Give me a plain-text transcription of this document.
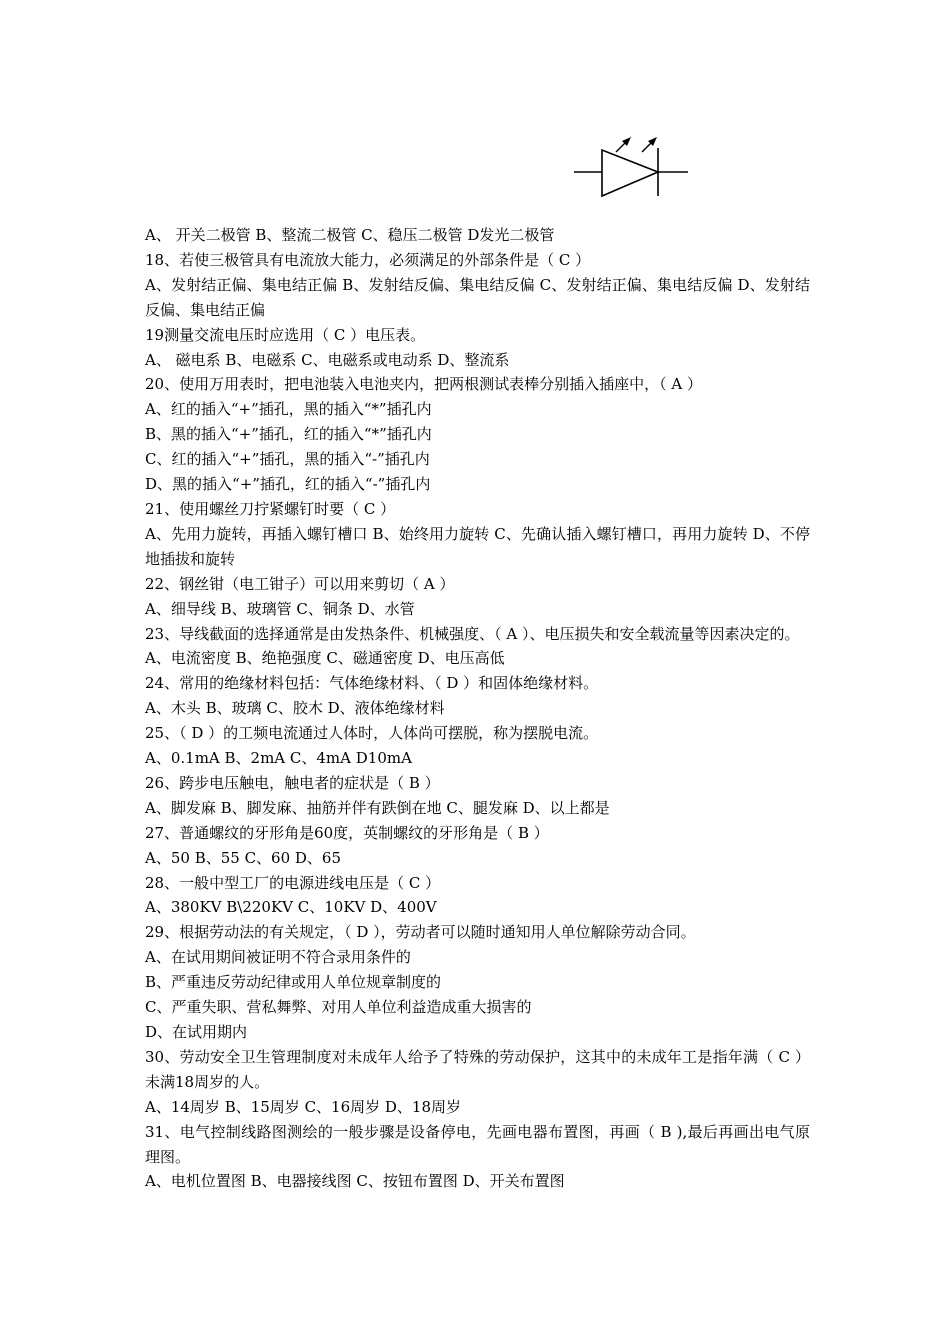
A、 开关二极管 B、整流二极管 C、稳压二极管 D发光二极管
18、若使三极管具有电流放大能力，必须满足的外部条件是（ C ）
A、发射结正偏、集电结正偏 B、发射结反偏、集电结反偏 C、发射结正偏、集电结反偏 D、发射结反偏、集电结正偏
19测量交流电压时应选用（ C ）电压表。
A、 磁电系 B、电磁系 C、电磁系或电动系 D、整流系
20、使用万用表时，把电池装入电池夹内，把两根测试表棒分别插入插座中，（ A ）
A、红的插入“+”插孔，黑的插入“*”插孔内
B、黑的插入“+”插孔，红的插入“*”插孔内
C、红的插入“+”插孔，黑的插入“-”插孔内
D、黑的插入“+”插孔，红的插入“-”插孔内
21、使用螺丝刀拧紧螺钉时要（ C ）
A、先用力旋转，再插入螺钉槽口 B、始终用力旋转 C、先确认插入螺钉槽口，再用力旋转 D、不停地插拔和旋转
22、钢丝钳（电工钳子）可以用来剪切（ A ）
A、细导线 B、玻璃管 C、铜条 D、水管
23、导线截面的选择通常是由发热条件、机械强度、（ A ）、电压损失和安全载流量等因素决定的。
A、电流密度 B、绝艳强度 C、磁通密度 D、电压高低
24、常用的绝缘材料包括：气体绝缘材料、（ D ）和固体绝缘材料。
A、木头 B、玻璃 C、胶木 D、液体绝缘材料
25、（ D ）的工频电流通过人体时，人体尚可摆脱，称为摆脱电流。
A、0.1mA B、2mA C、4mA D10mA
26、跨步电压触电，触电者的症状是（ B ）
A、脚发麻 B、脚发麻、抽筋并伴有跌倒在地 C、腿发麻 D、以上都是
27、普通螺纹的牙形角是60度，英制螺纹的牙形角是（ B ）
A、50 B、55 C、60 D、65
28、一般中型工厂的电源进线电压是（ C ）
A、380KV B\220KV C、10KV D、400V
29、根据劳动法的有关规定，（ D ），劳动者可以随时通知用人单位解除劳动合同。
A、在试用期间被证明不符合录用条件的
B、严重违反劳动纪律或用人单位规章制度的
C、严重失职、营私舞弊、对用人单位利益造成重大损害的
D、在试用期内
30、劳动安全卫生管理制度对未成年人给予了特殊的劳动保护，这其中的未成年工是指年满（ C ）未满18周岁的人。
A、14周岁 B、15周岁 C、16周岁 D、18周岁
31、电气控制线路图测绘的一般步骤是设备停电，先画电器布置图，再画（ B ),最后再画出电气原理图。
A、电机位置图 B、电器接线图 C、按钮布置图 D、开关布置图
